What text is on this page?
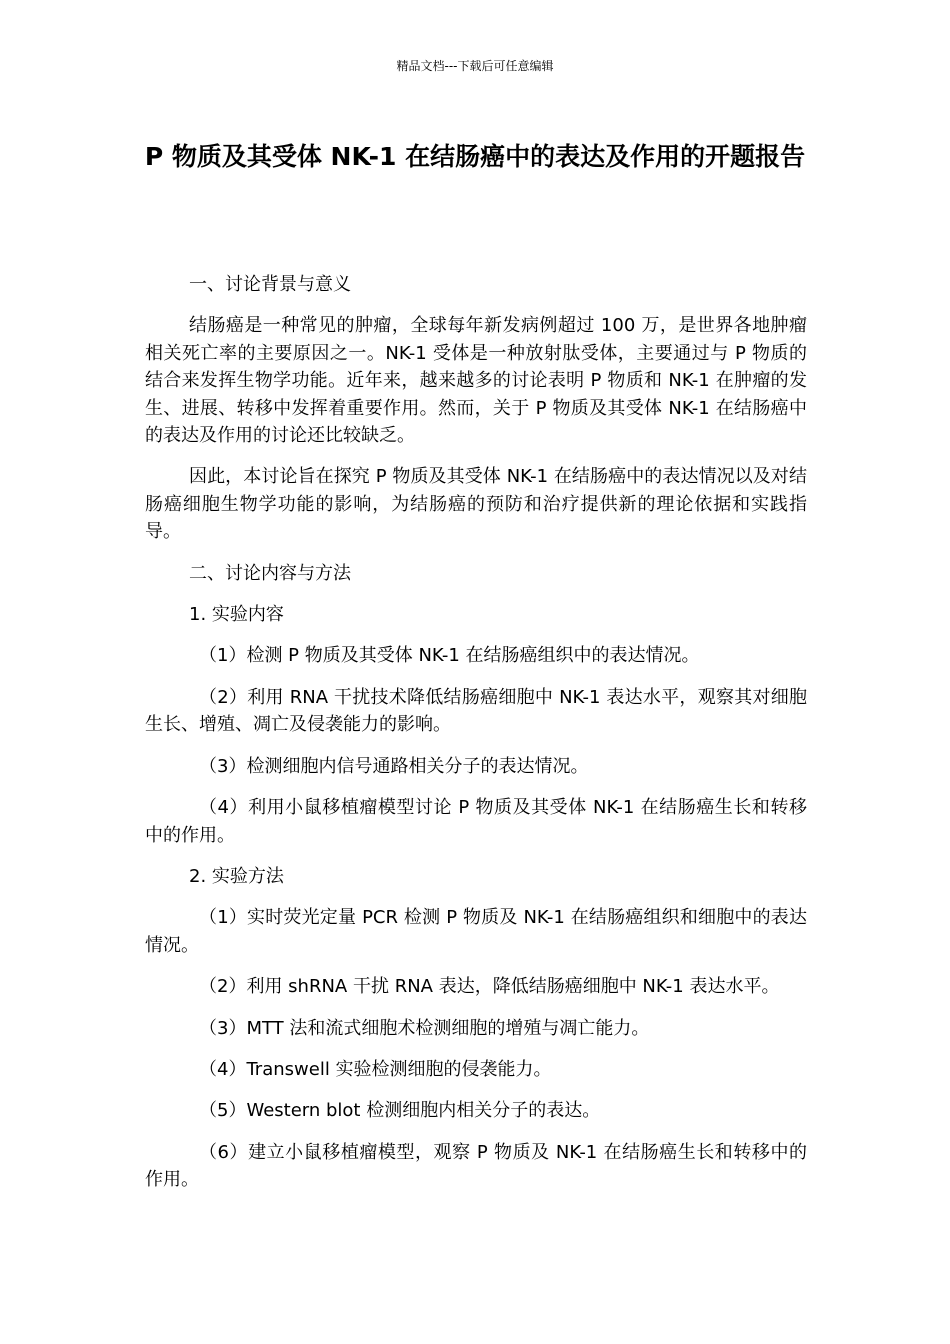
精品文档---下载后可任意编辑
P 物质及其受体 NK-1 在结肠癌中的表达及作用的开题报告

一、讨论背景与意义

结肠癌是一种常见的肿瘤，全球每年新发病例超过 100 万，是世界各地肿瘤相关死亡率的主要原因之一。NK-1 受体是一种放射肽受体，主要通过与 P 物质的结合来发挥生物学功能。近年来，越来越多的讨论表明 P 物质和 NK-1 在肿瘤的发生、进展、转移中发挥着重要作用。然而，关于 P 物质及其受体 NK-1 在结肠癌中的表达及作用的讨论还比较缺乏。

因此，本讨论旨在探究 P 物质及其受体 NK-1 在结肠癌中的表达情况以及对结肠癌细胞生物学功能的影响，为结肠癌的预防和治疗提供新的理论依据和实践指导。

二、讨论内容与方法

1. 实验内容

（1）检测 P 物质及其受体 NK-1 在结肠癌组织中的表达情况。

（2）利用 RNA 干扰技术降低结肠癌细胞中 NK-1 表达水平，观察其对细胞生长、增殖、凋亡及侵袭能力的影响。

（3）检测细胞内信号通路相关分子的表达情况。

（4）利用小鼠移植瘤模型讨论 P 物质及其受体 NK-1 在结肠癌生长和转移中的作用。

2. 实验方法

（1）实时荧光定量 PCR 检测 P 物质及 NK-1 在结肠癌组织和细胞中的表达情况。

（2）利用 shRNA 干扰 RNA 表达，降低结肠癌细胞中 NK-1 表达水平。

（3）MTT 法和流式细胞术检测细胞的增殖与凋亡能力。

（4）Transwell 实验检测细胞的侵袭能力。

（5）Western blot 检测细胞内相关分子的表达。

（6）建立小鼠移植瘤模型，观察 P 物质及 NK-1 在结肠癌生长和转移中的作用。
